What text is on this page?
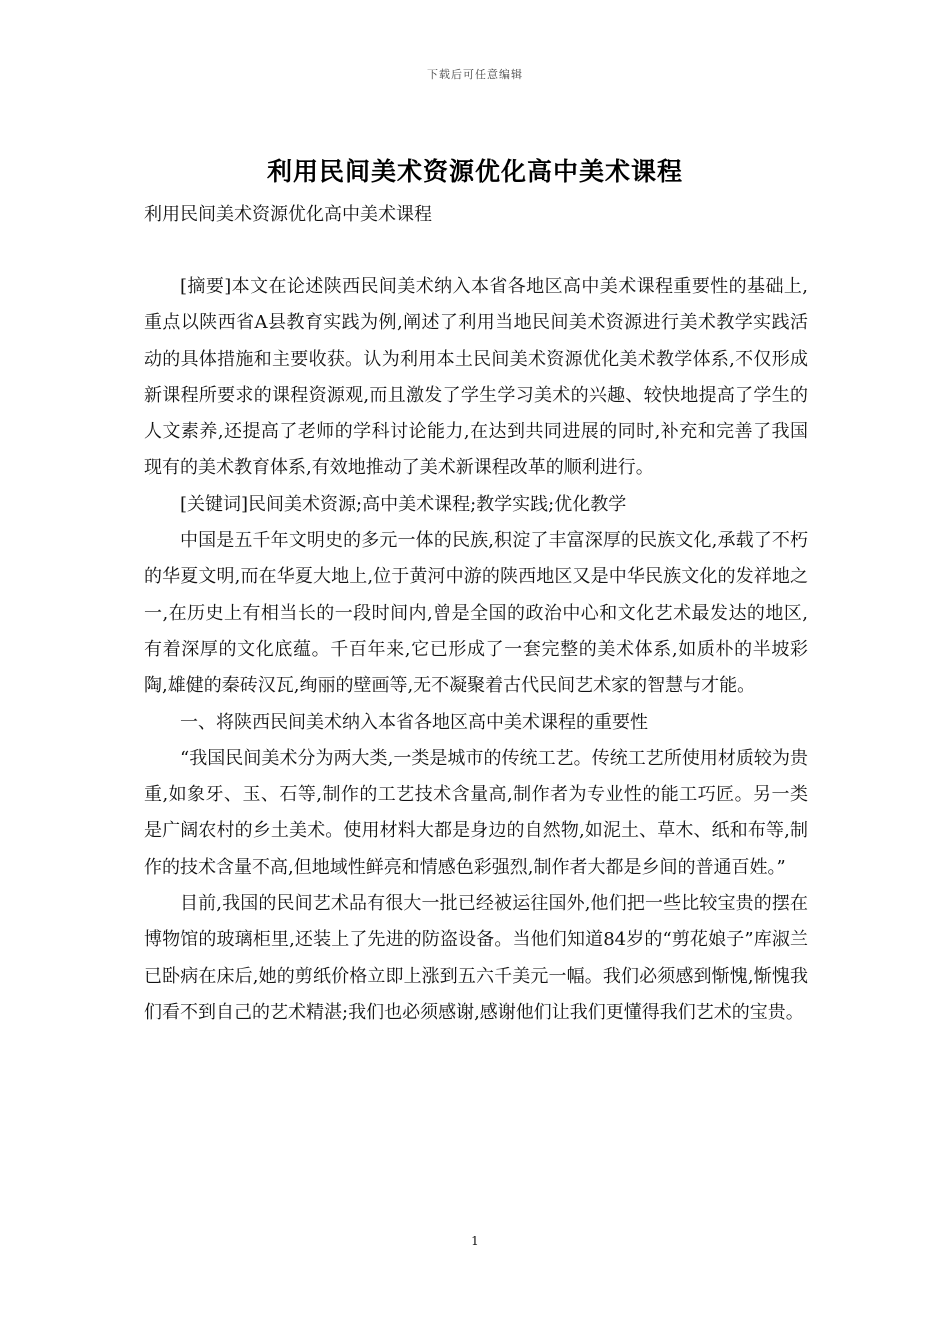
下载后可任意编辑
利用民间美术资源优化高中美术课程

利用民间美术资源优化高中美术课程

[摘要]本文在论述陕西民间美术纳入本省各地区高中美术课程重要性的基础上,重点以陕西省A县教育实践为例,阐述了利用当地民间美术资源进行美术教学实践活动的具体措施和主要收获。认为利用本土民间美术资源优化美术教学体系,不仅形成新课程所要求的课程资源观,而且激发了学生学习美术的兴趣、较快地提高了学生的人文素养,还提高了老师的学科讨论能力,在达到共同进展的同时,补充和完善了我国现有的美术教育体系,有效地推动了美术新课程改革的顺利进行。

[关键词]民间美术资源;高中美术课程;教学实践;优化教学

中国是五千年文明史的多元一体的民族,积淀了丰富深厚的民族文化,承载了不朽的华夏文明,而在华夏大地上,位于黄河中游的陕西地区又是中华民族文化的发祥地之一,在历史上有相当长的一段时间内,曾是全国的政治中心和文化艺术最发达的地区,有着深厚的文化底蕴。千百年来,它已形成了一套完整的美术体系,如质朴的半坡彩陶,雄健的秦砖汉瓦,绚丽的壁画等,无不凝聚着古代民间艺术家的智慧与才能。

一、将陕西民间美术纳入本省各地区高中美术课程的重要性

“我国民间美术分为两大类,一类是城市的传统工艺。传统工艺所使用材质较为贵重,如象牙、玉、石等,制作的工艺技术含量高,制作者为专业性的能工巧匠。另一类是广阔农村的乡土美术。使用材料大都是身边的自然物,如泥土、草木、纸和布等,制作的技术含量不高,但地域性鲜亮和情感色彩强烈,制作者大都是乡间的普通百姓。”

目前,我国的民间艺术品有很大一批已经被运往国外,他们把一些比较宝贵的摆在博物馆的玻璃柜里,还装上了先进的防盗设备。当他们知道84岁的“剪花娘子”库淑兰已卧病在床后,她的剪纸价格立即上涨到五六千美元一幅。我们必须感到惭愧,惭愧我们看不到自己的艺术精湛;我们也必须感谢,感谢他们让我们更懂得我们艺术的宝贵。

1
